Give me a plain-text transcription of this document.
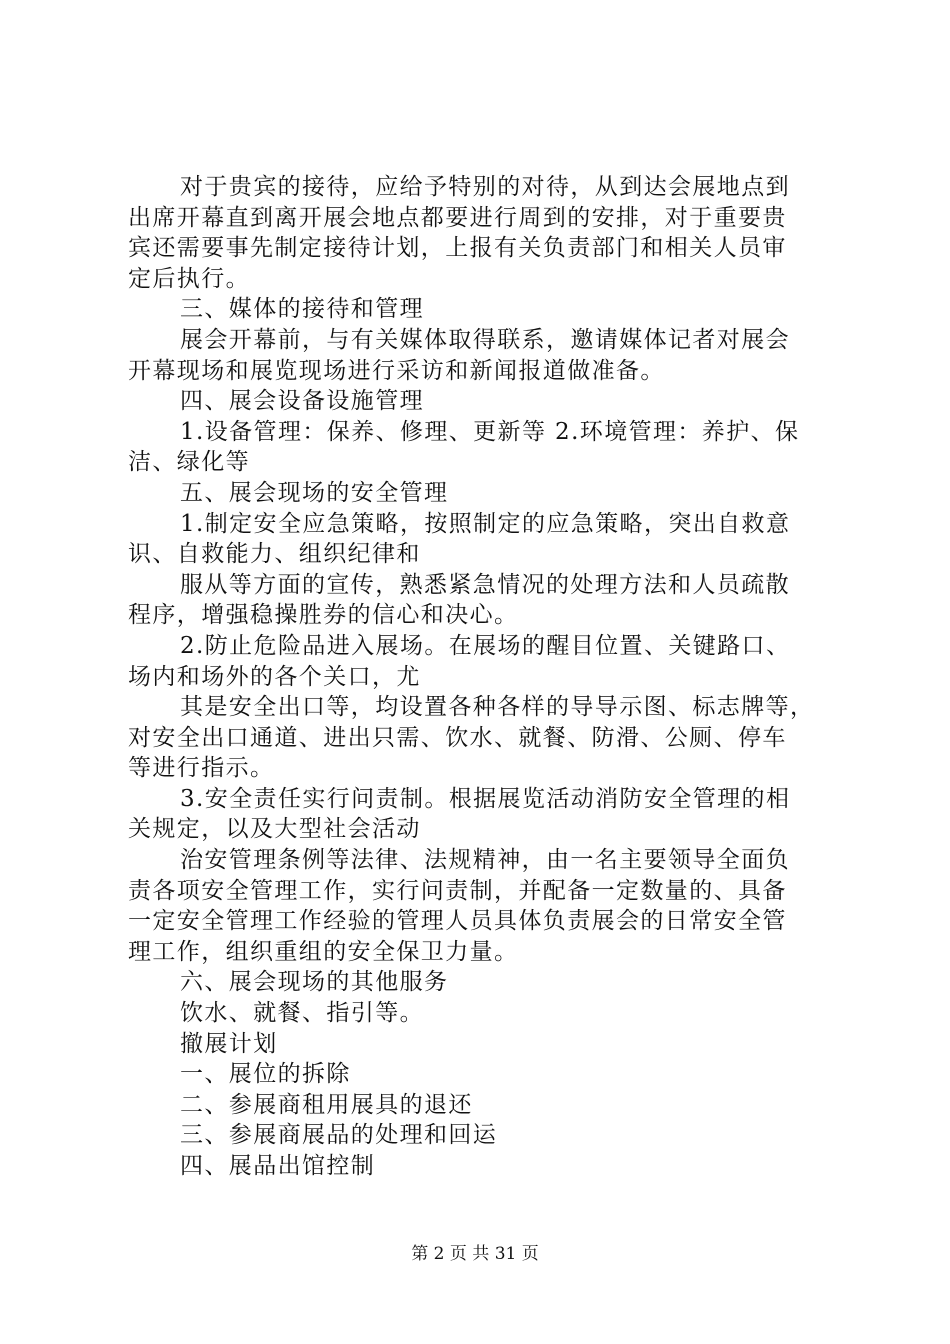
对于贵宾的接待，应给予特别的对待，从到达会展地点到
出席开幕直到离开展会地点都要进行周到的安排，对于重要贵
宾还需要事先制定接待计划，上报有关负责部门和相关人员审
定后执行。
三、媒体的接待和管理
展会开幕前，与有关媒体取得联系，邀请媒体记者对展会
开幕现场和展览现场进行采访和新闻报道做准备。
四、展会设备设施管理
1.设备管理：保养、修理、更新等 2.环境管理：养护、保
洁、绿化等
五、展会现场的安全管理
1.制定安全应急策略，按照制定的应急策略，突出自救意
识、自救能力、组织纪律和
服从等方面的宣传，熟悉紧急情况的处理方法和人员疏散
程序，增强稳操胜券的信心和决心。
2.防止危险品进入展场。在展场的醒目位置、关键路口、
场内和场外的各个关口，尤
其是安全出口等，均设置各种各样的导导示图、标志牌等，
对安全出口通道、进出只需、饮水、就餐、防滑、公厕、停车
等进行指示。
3.安全责任实行问责制。根据展览活动消防安全管理的相
关规定，以及大型社会活动
治安管理条例等法律、法规精神，由一名主要领导全面负
责各项安全管理工作，实行问责制，并配备一定数量的、具备
一定安全管理工作经验的管理人员具体负责展会的日常安全管
理工作，组织重组的安全保卫力量。
六、展会现场的其他服务
饮水、就餐、指引等。
撤展计划
一、展位的拆除
二、参展商租用展具的退还
三、参展商展品的处理和回运
四、展品出馆控制
第 2 页 共 31 页
